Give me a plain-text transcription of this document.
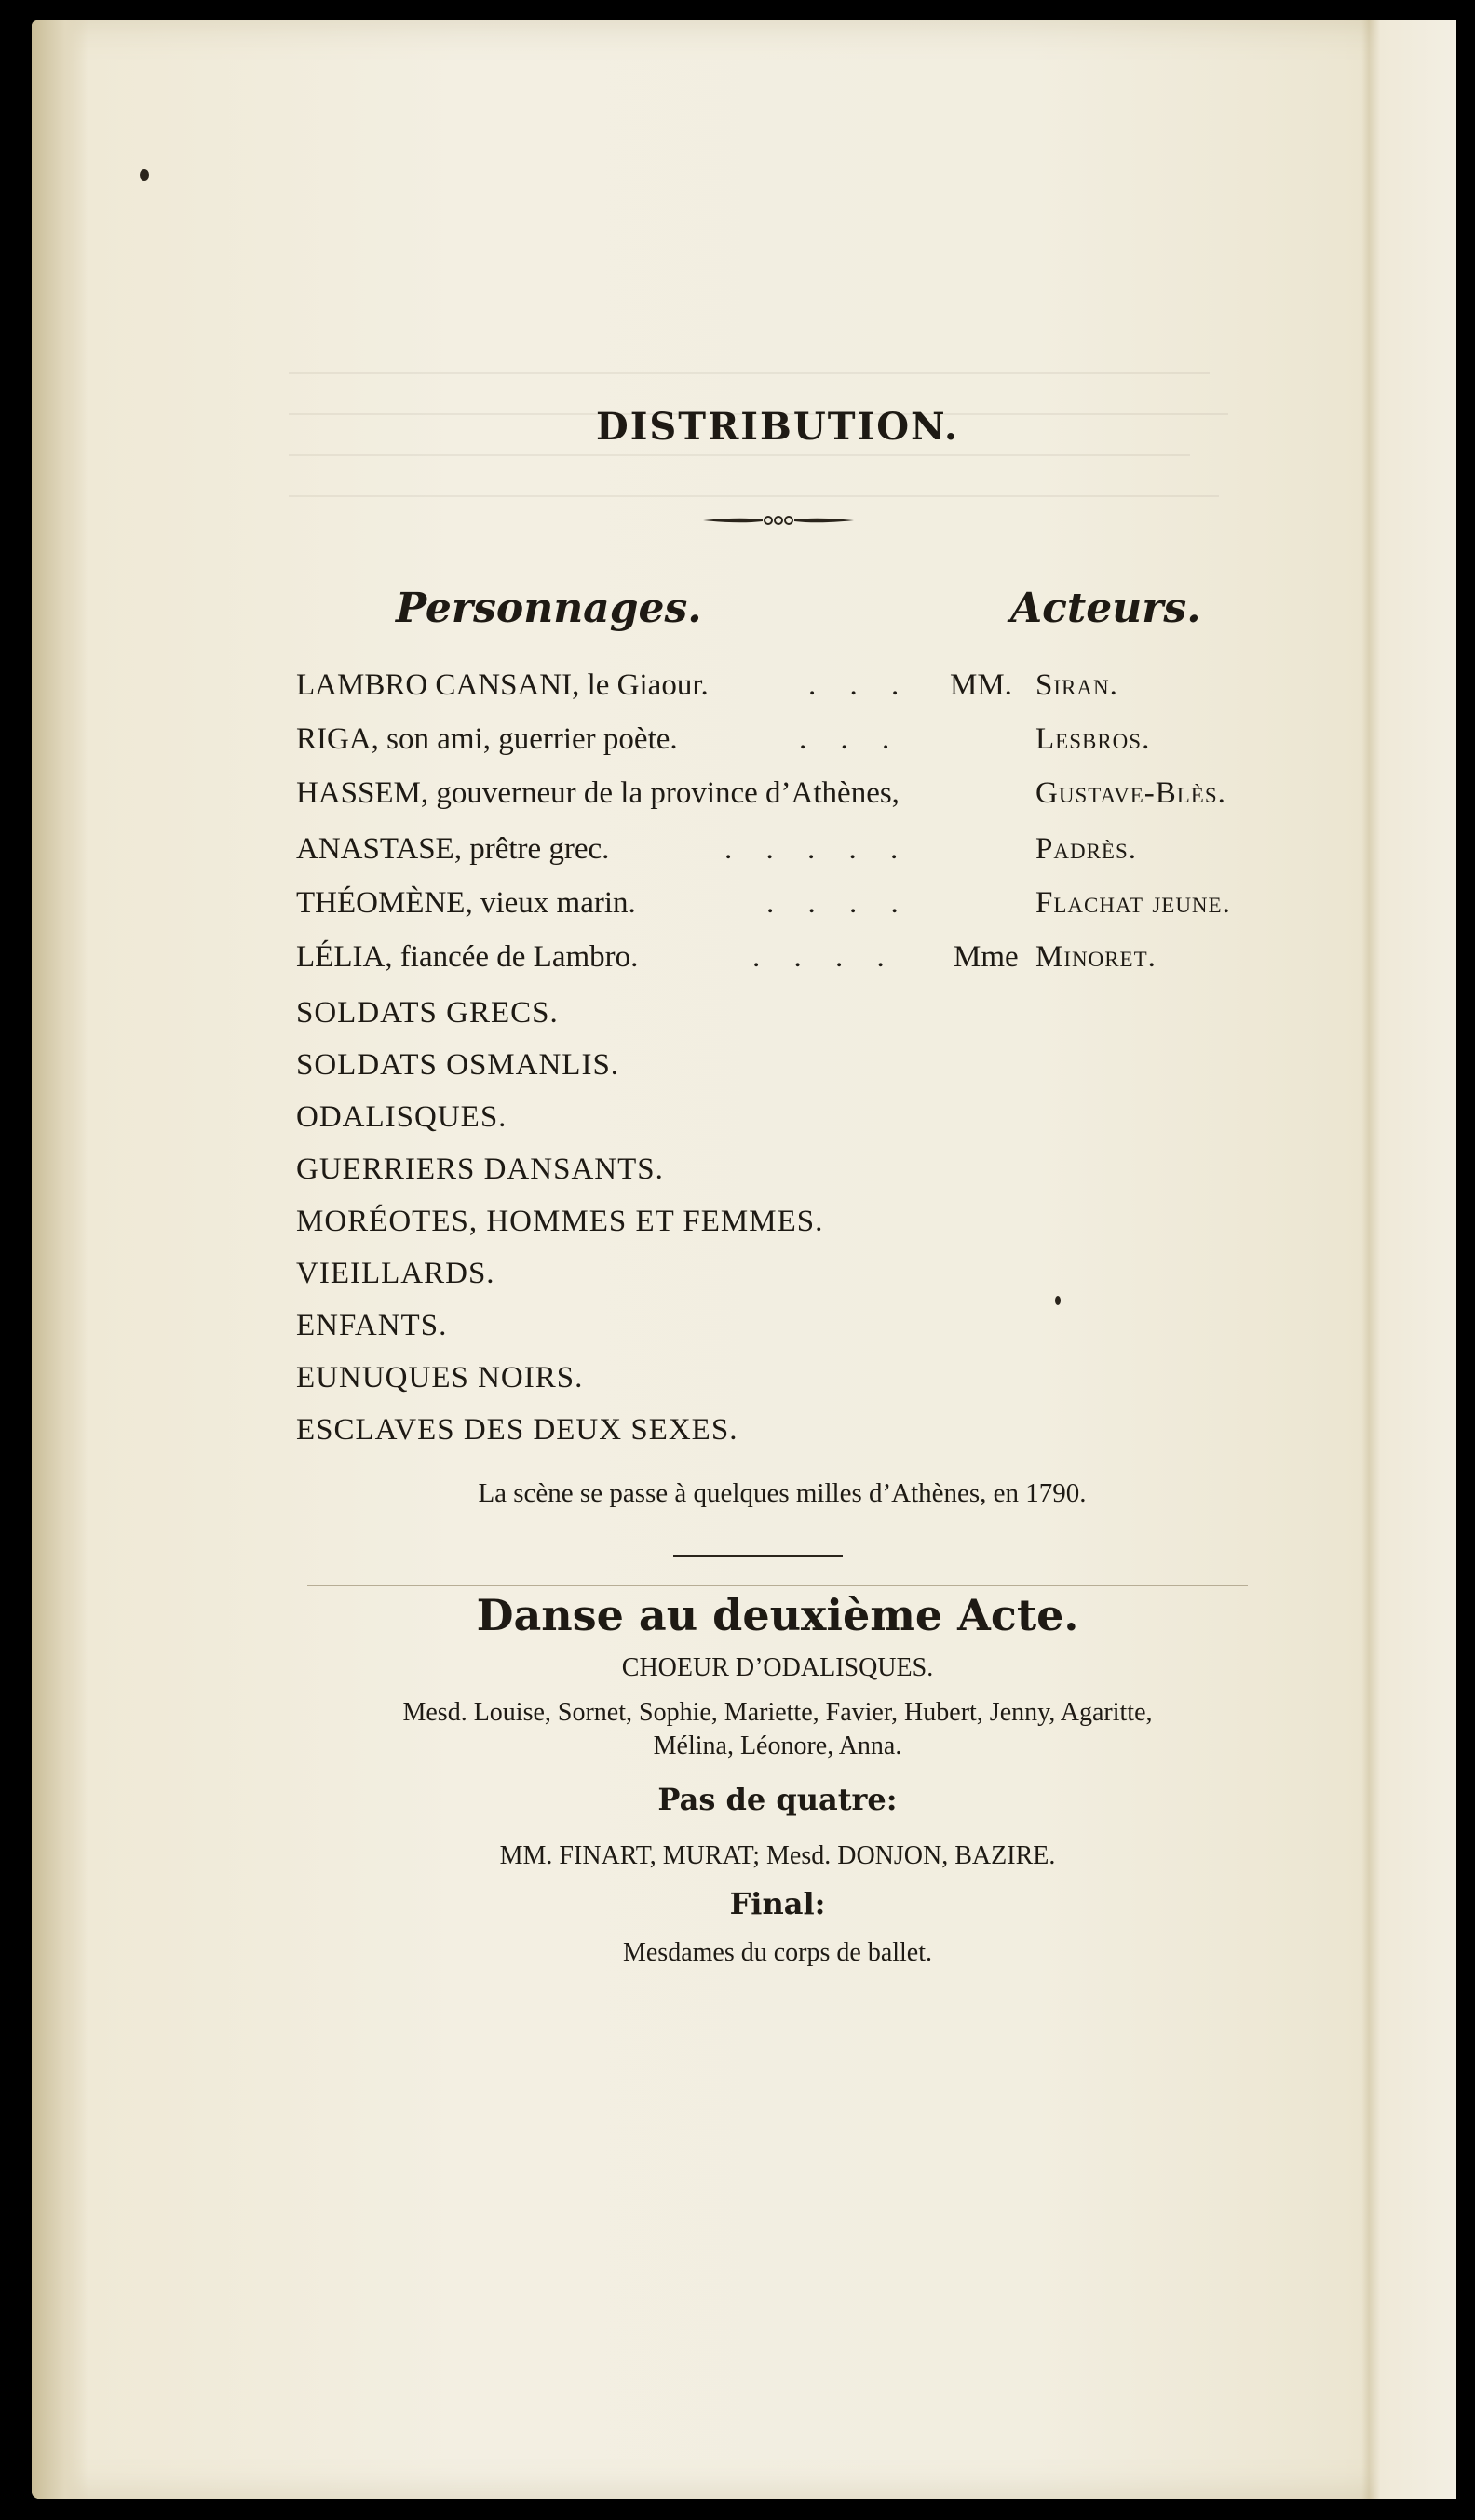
DISTRIBUTION.
Personnages.	Acteurs.
LAMBRO CANSANI, le Giaour.	. . . MM. Siran.
RIGA, son ami, guerrier poète.	. . .	Lesbros.
HASSEM, gouverneur de la province d’Athènes,	Gustave-Blès.
ANASTASE, prêtre grec.	. . . . .	Padrès.
THÉOMÈNE, vieux marin.	. . . .	Flachat jeune.
LÉLIA, fiancée de Lambro.	. . . . Mme Minoret.
SOLDATS GRECS.
SOLDATS OSMANLIS.
ODALISQUES.
GUERRIERS DANSANTS.
MORÉOTES, HOMMES ET FEMMES.
VIEILLARDS.
ENFANTS.
EUNUQUES NOIRS.
ESCLAVES DES DEUX SEXES.
La scène se passe à quelques milles d’Athènes, en 1790.
Danse au deuxième Acte.
CHOEUR D’ODALISQUES.
Mesd. Louise, Sornet, Sophie, Mariette, Favier, Hubert, Jenny, Agaritte,
Mélina, Léonore, Anna.
Pas de quatre:
MM. FINART, MURAT; Mesd. DONJON, BAZIRE.
Final:
Mesdames du corps de ballet.
